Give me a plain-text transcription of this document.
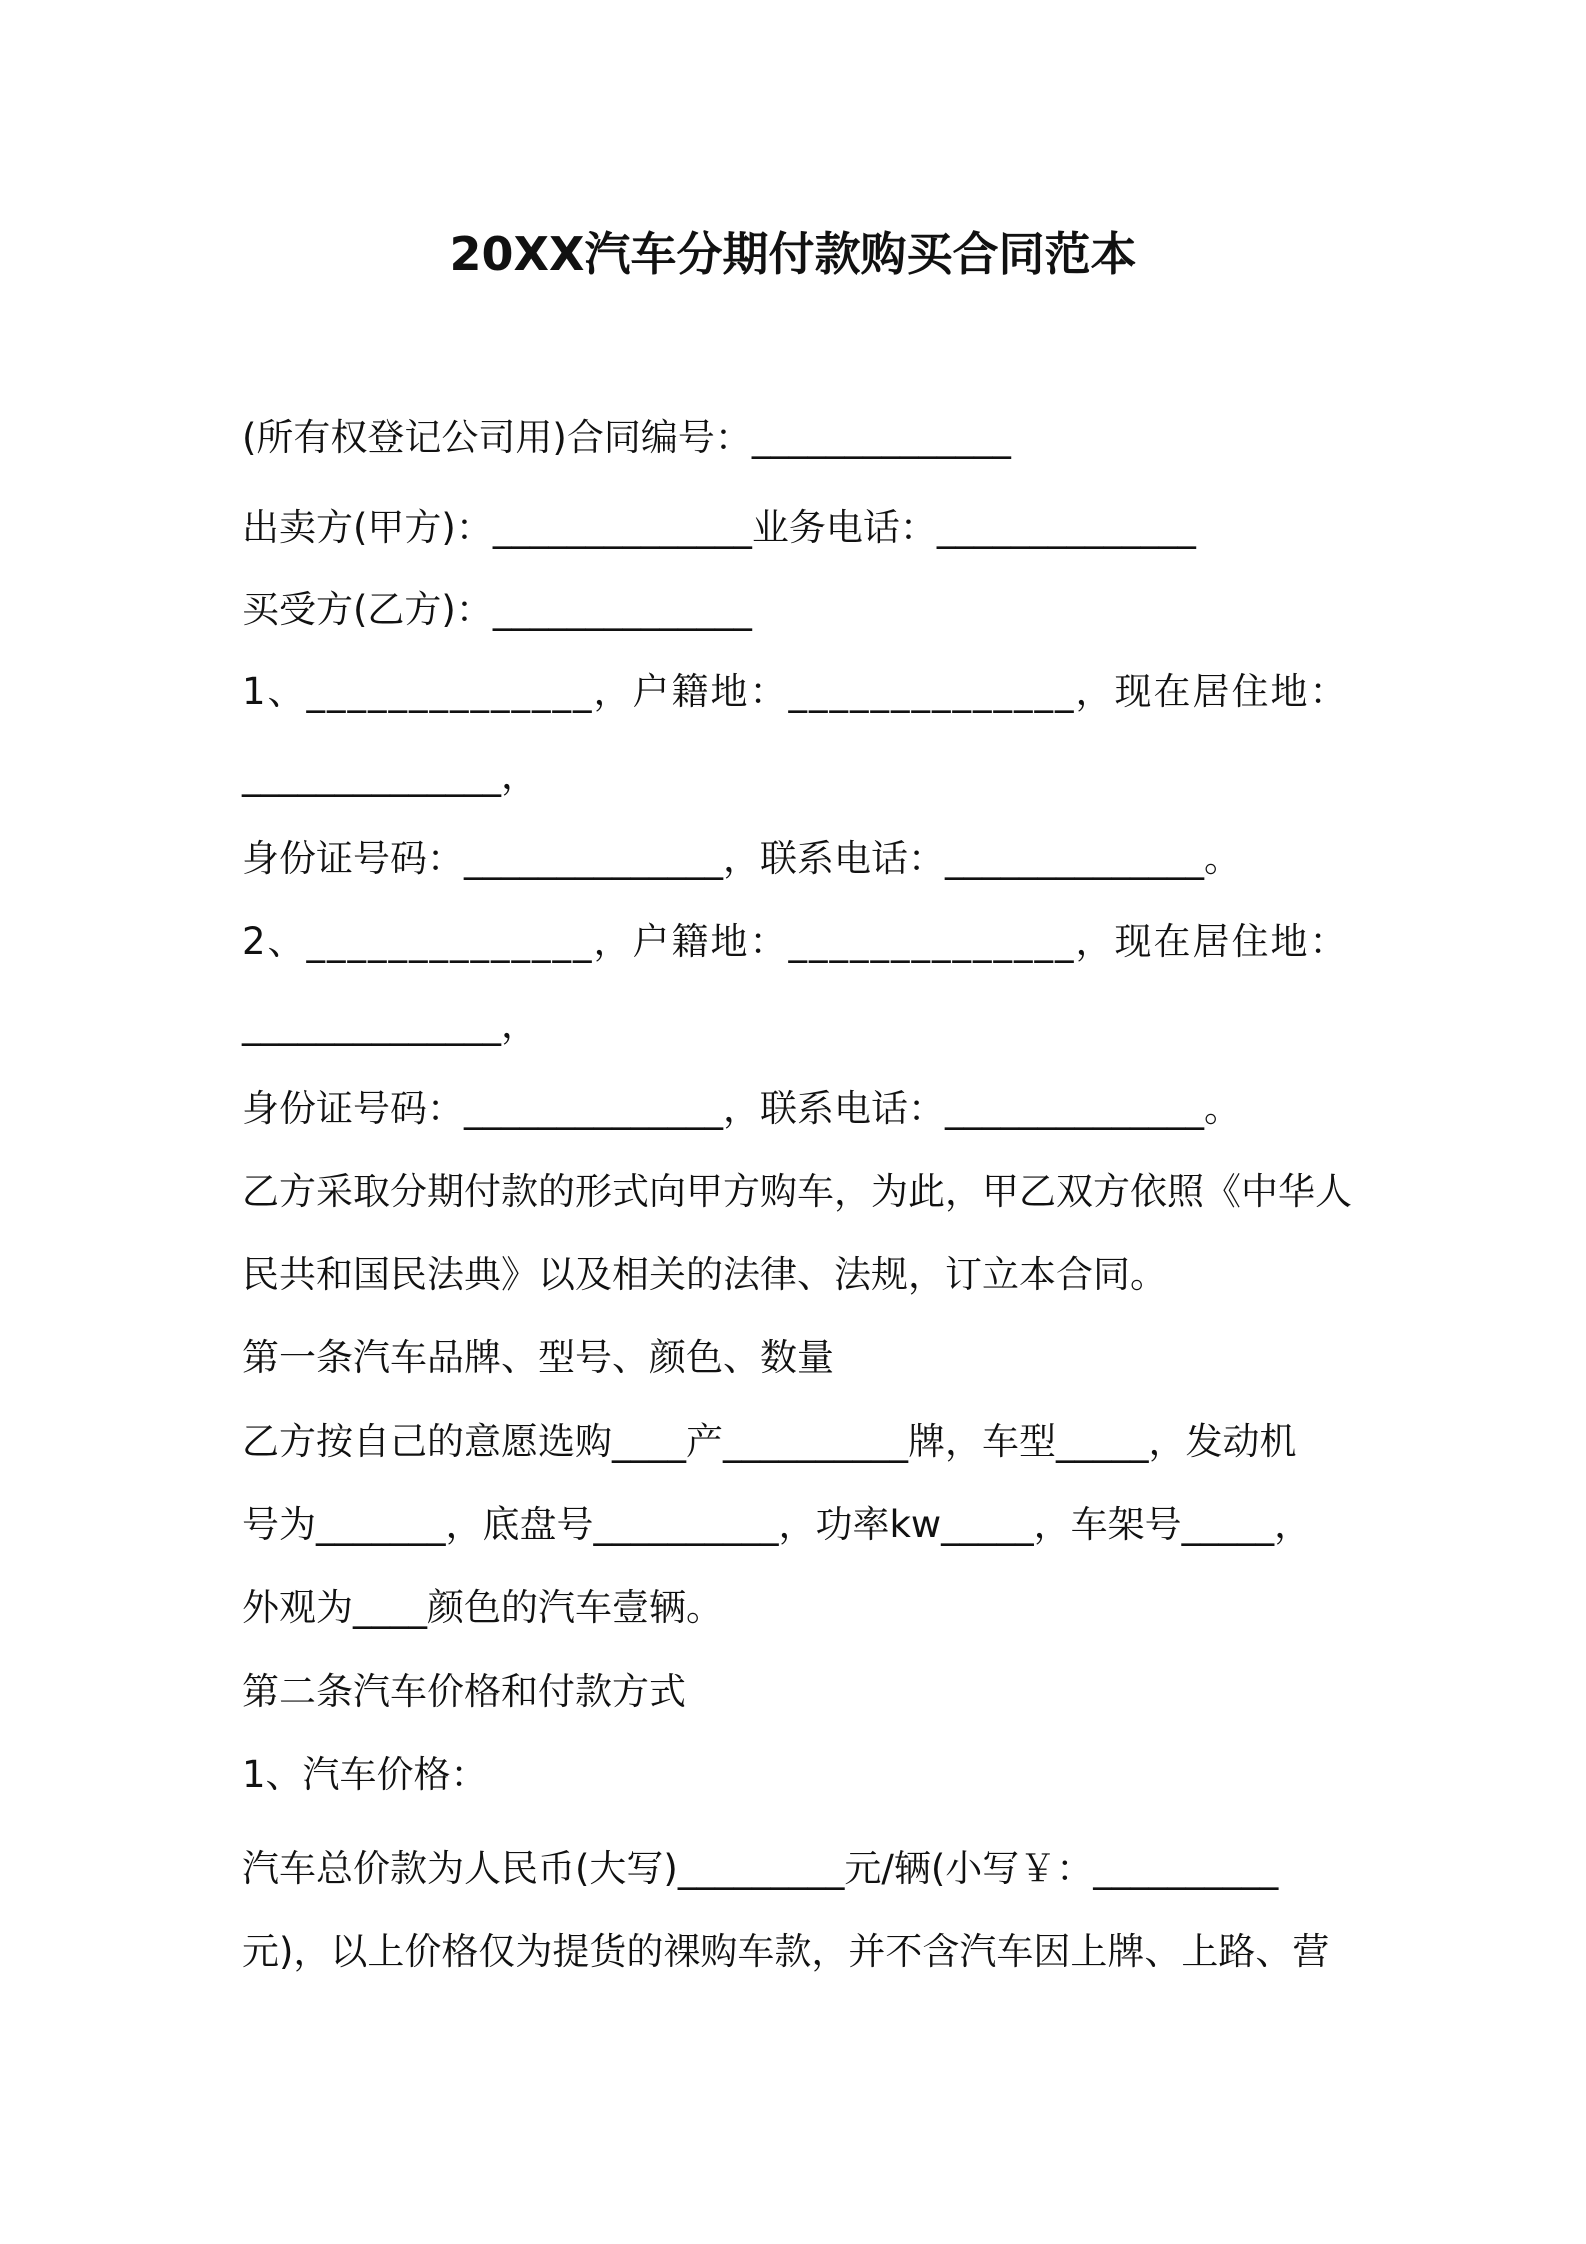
20XX汽车分期付款购买合同范本
(所有权登记公司用)合同编号：______________
出卖方(甲方)：______________业务电话：______________
买受方(乙方)：______________
1、______________，户籍地：______________，现在居住地：
______________，
身份证号码：______________，联系电话：______________。
2、______________，户籍地：______________，现在居住地：
______________，
身份证号码：______________，联系电话：______________。
乙方采取分期付款的形式向甲方购车，为此，甲乙双方依照《中华人
民共和国民法典》以及相关的法律、法规，订立本合同。
第一条汽车品牌、型号、颜色、数量
乙方按自己的意愿选购____产__________牌，车型_____，发动机
号为_______，底盘号__________，功率kw_____，车架号_____，
外观为____颜色的汽车壹辆。
第二条汽车价格和付款方式
1、汽车价格：
汽车总价款为人民币(大写)_________元/辆(小写￥：__________
元)，以上价格仅为提货的裸购车款，并不含汽车因上牌、上路、营
